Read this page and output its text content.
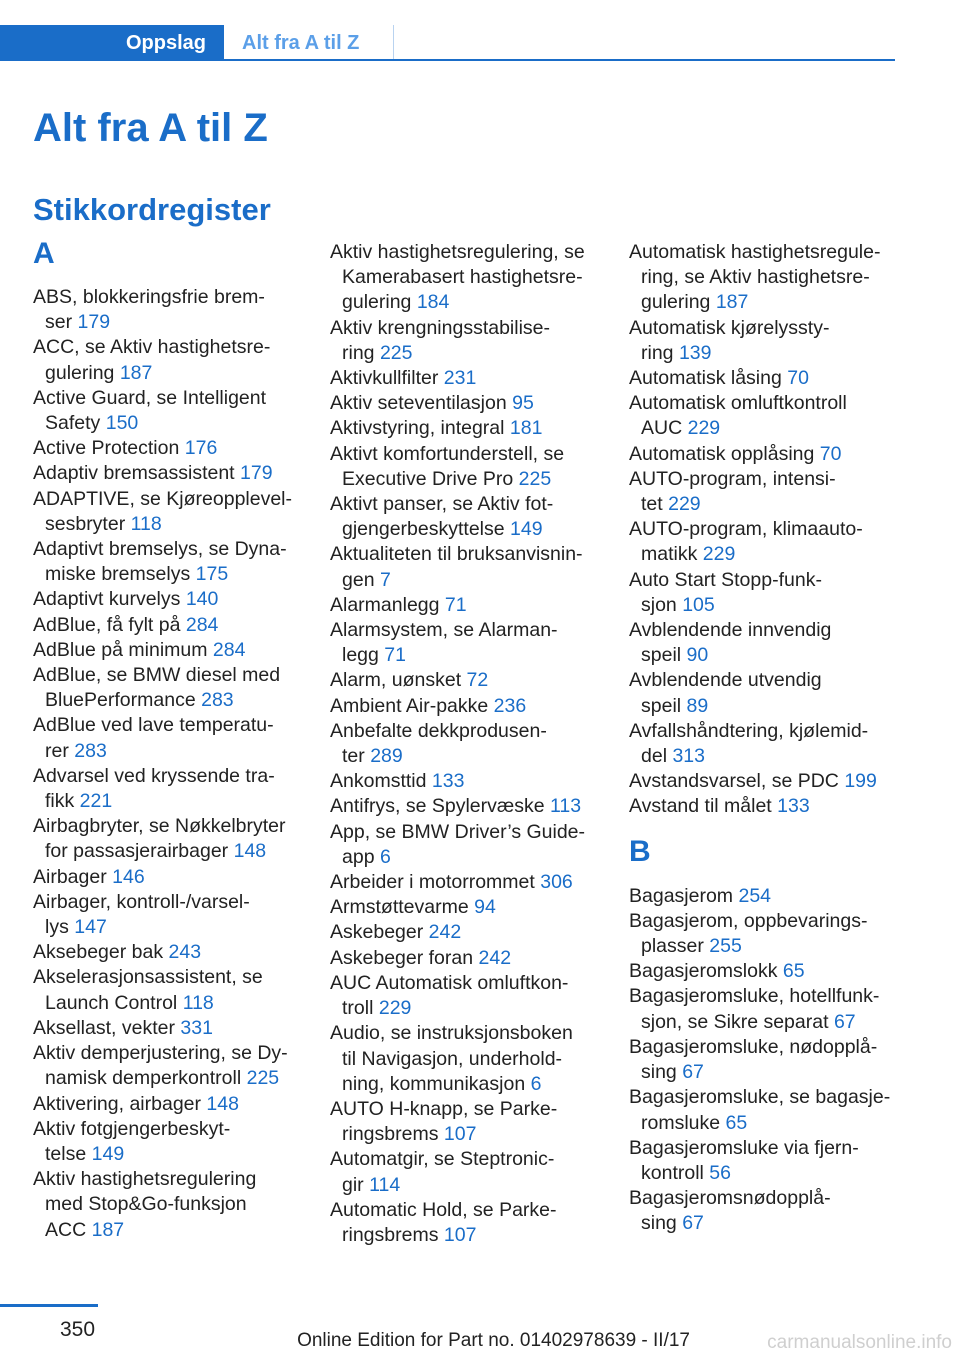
Oppslag	Alt fra A til Z
Alt fra A til Z
Stikkordregister
A
ABS, blokkeringsfrie brem-
ser 179
ACC, se Aktiv hastighetsre-
gulering 187
Active Guard, se Intelligent
Safety 150
Active Protection 176
Adaptiv bremsassistent 179
ADAPTIVE, se Kjøreopplevel-
sesbryter 118
Adaptivt bremselys, se Dyna-
miske bremselys 175
Adaptivt kurvelys 140
AdBlue, få fylt på 284
AdBlue på minimum 284
AdBlue, se BMW diesel med
BluePerformance 283
AdBlue ved lave temperatu-
rer 283
Advarsel ved kryssende tra-
fikk 221
Airbagbryter, se Nøkkelbryter
for passasjerairbager 148
Airbager 146
Airbager, kontroll-/varsel-
lys 147
Aksebeger bak 243
Akselerasjonsassistent, se
Launch Control 118
Aksellast, vekter 331
Aktiv demperjustering, se Dy-
namisk demperkontroll 225
Aktivering, airbager 148
Aktiv fotgjengerbeskyt-
telse 149
Aktiv hastighetsregulering
med Stop&Go-funksjon
ACC 187
Aktiv hastighetsregulering, se
Kamerabasert hastighetsre-
gulering 184
Aktiv krengningsstabilise-
ring 225
Aktivkullfilter 231
Aktiv seteventilasjon 95
Aktivstyring, integral 181
Aktivt komfortunderstell, se
Executive Drive Pro 225
Aktivt panser, se Aktiv fot-
gjengerbeskyttelse 149
Aktualiteten til bruksanvisnin-
gen 7
Alarmanlegg 71
Alarmsystem, se Alarman-
legg 71
Alarm, uønsket 72
Ambient Air-pakke 236
Anbefalte dekkprodusen-
ter 289
Ankomsttid 133
Antifrys, se Spylervæske 113
App, se BMW Driver’s Guide-
app 6
Arbeider i motorrommet 306
Armstøttevarme 94
Askebeger 242
Askebeger foran 242
AUC Automatisk omluftkon-
troll 229
Audio, se instruksjonsboken
til Navigasjon, underhold-
ning, kommunikasjon 6
AUTO H-knapp, se Parke-
ringsbrems 107
Automatgir, se Steptronic-
gir 114
Automatic Hold, se Parke-
ringsbrems 107
Automatisk hastighetsregule-
ring, se Aktiv hastighetsre-
gulering 187
Automatisk kjørelyssty-
ring 139
Automatisk låsing 70
Automatisk omluftkontroll
AUC 229
Automatisk opplåsing 70
AUTO-program, intensi-
tet 229
AUTO-program, klimaauto-
matikk 229
Auto Start Stopp-funk-
sjon 105
Avblendende innvendig
speil 90
Avblendende utvendig
speil 89
Avfallshåndtering, kjølemid-
del 313
Avstandsvarsel, se PDC 199
Avstand til målet 133
B
Bagasjerom 254
Bagasjerom, oppbevarings-
plasser 255
Bagasjeromslokk 65
Bagasjeromsluke, hotellfunk-
sjon, se Sikre separat 67
Bagasjeromsluke, nødopplå-
sing 67
Bagasjeromsluke, se bagasje-
romsluke 65
Bagasjeromsluke via fjern-
kontroll 56
Bagasjeromsnødopplå-
sing 67
350	Online Edition for Part no. 01402978639 - II/17	carmanualsonline.info
